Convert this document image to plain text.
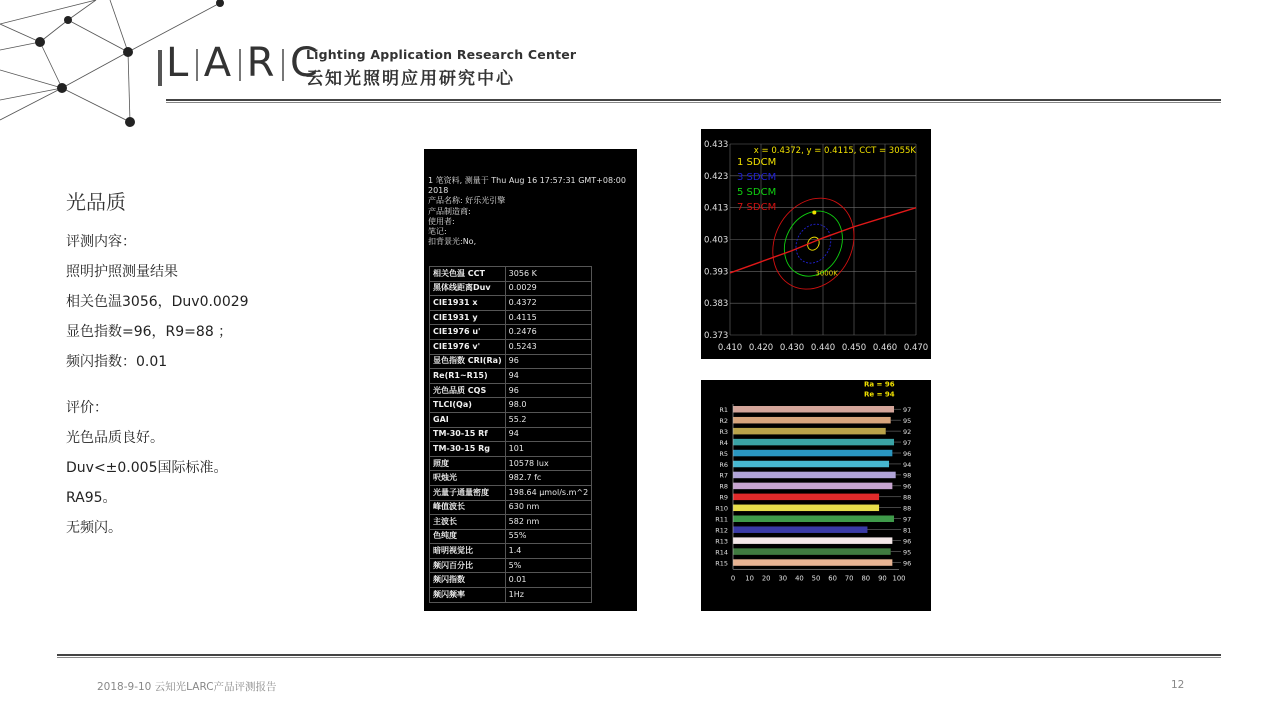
L A R C
Lighting Application Research Center
云知光照明应用研究中心
光品质
评测内容：
照明护照测量结果
相关色温3056，Duv0.0029
显色指数=96，R9=88 ；
频闪指数：0.01
评价：
光色品质良好。
Duv<±0.005国际标准。
RA95。
无频闪。
1 笔资料, 测量于 Thu Aug 16 17:57:31 GMT+08:00 2018
产品名称: 好乐光引擎
产品制造商:
使用者:
笔记:
扣背景光:No,
相关色温 CCT	3056 K
黑体线距离Duv	0.0029
CIE1931 x	0.4372
CIE1931 y	0.4115
CIE1976 u'	0.2476
CIE1976 v'	0.5243
显色指数 CRI(Ra)	96
Re(R1~R15)	94
光色品质 CQS	96
TLCI(Qa)	98.0
GAI	55.2
TM-30-15 Rf	94
TM-30-15 Rg	101
照度	10578 lux
呎烛光	982.7 fc
光量子通量密度	198.64 μmol/s.m^2
峰值波长	630 nm
主波长	582 nm
色纯度	55%
暗明视觉比	1.4
频闪百分比	5%
频闪指数	0.01
频闪频率	1Hz
0.410 0.420 0.430 0.440 0.450 0.460 0.470
0.433
0.423
0.413
0.403
0.393
0.383
0.373
3000K
x = 0.4372, y = 0.4115, CCT = 3055K
1 SDCM
3 SDCM
5 SDCM
7 SDCM
Ra = 96
Re = 94
R1	97
R2	95
R3	92
R4	97
R5	96
R6	94
R7	98
R8	96
R9	88
R10	88
R11	97
R12	81
R13	96
R14	95
R15	96
0 10 20 30 40 50 60 70 80 90 100
2018-9-10 云知光LARC产品评测报告	12
